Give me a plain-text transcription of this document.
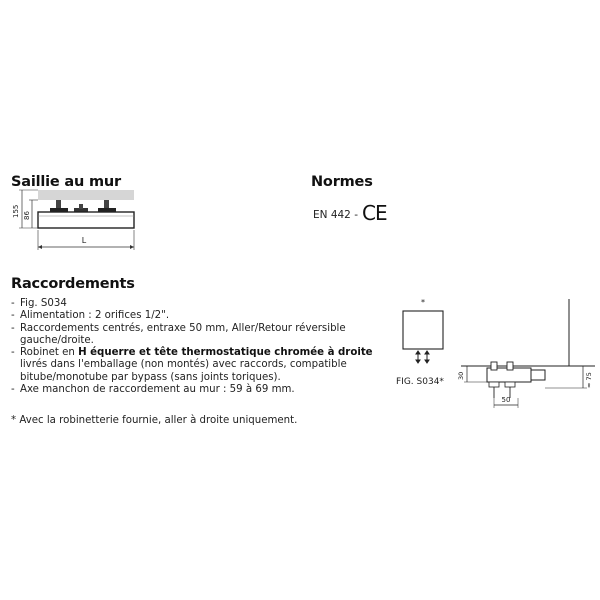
Saillie au mur
155 86
L
Normes
EN 442 - CE
Raccordements
- Fig. S034
- Alimentation : 2 orifices 1/2".
- Raccordements centrés, entraxe 50 mm, Aller/Retour réversible
gauche/droite.
- Robinet en H équerre et tête thermostatique chromée à droite
livrés dans l'emballage (non montés) avec raccords, compatible
bitube/monotube par bypass (sans joints toriques).
- Axe manchon de raccordement au mur : 59 à 69 mm.
* Avec la robinetterie fournie, aller à droite uniquement.
*
30	≈ 75
50
FIG. S034*
